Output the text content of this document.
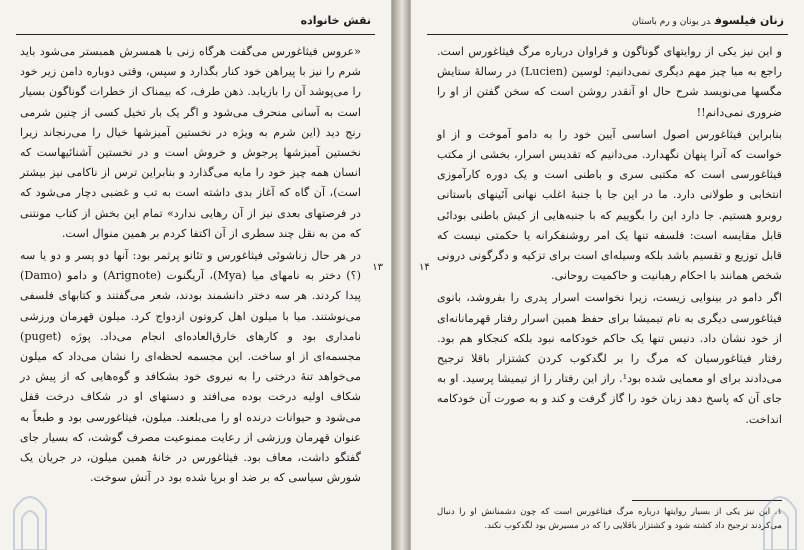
نقش خانواده

«عروس فیثاغورس می‌گفت هرگاه زنی با همسرش همبستر می‌شود باید شرم را نیز با پیراهن خود کنار بگذارد و سپس، وقتی دوباره دامن زیر خود را می‌پوشد آن را بازیابد. ذهن طرف، که بیمناک از خطرات گوناگون بسیار است به آسانی منحرف می‌شود و اگر یک بار تخیل کسی از چنین شرمی رنج دید (این شرم به ویژه در نخستین آمیزشها خیال را می‌رنجاند زیرا نخستین آمیزشها پرجوش و خروش است و در نخستین آشنائیهاست که انسان همه چیز خود را مایه می‌گذارد و بنابراین ترس از ناکامی نیز بیشتر است)، آن گاه که آغاز بدی داشته است به تب و غضبی دچار می‌شود که در فرصتهای بعدی نیز از آن رهایی ندارد» تمام این بخش از کتاب مونتنی که من به نقل چند سطری از آن اکتفا کردم بر همین منوال است.

در هر حال زناشوئی فیثاغورس و تئانو پرثمر بود: آنها دو پسر و دو یا سه (؟) دختر به نامهای میا (Mya)، آریگنوت (Arignote) و دامو (Damo) پیدا کردند. هر سه دختر دانشمند بودند، شعر می‌گفتند و کتابهای فلسفی می‌نوشتند. میا با میلون اهل کروتون ازدواج کرد. میلون قهرمان ورزشی نامداری بود و کارهای خارق‌العاده‌ای انجام می‌داد. پوژه (puget) مجسمه‌ای از او ساخت. این مجسمه لحظه‌ای را نشان می‌داد که میلون می‌خواهد تنهٔ درختی را به نیروی خود بشکافد و گوه‌هایی که از پیش در شکاف اولیه درخت بوده می‌افتد و دستهای او در شکاف درخت قفل می‌شود و حیوانات درنده او را می‌بلعند. میلون، فیثاغورسی بود و طبعاً به عنوان قهرمان ورزشی از رعایت ممنوعیت مصرف گوشت، که بسیار جای گفتگو داشت، معاف بود. فیثاغورس در خانهٔ همین میلون، در جریان یک شورش سیاسی که بر ضد او برپا شده بود در آتش سوخت.

۱۳
زنان فیلسوفدر یونان و رم باستان

و این نیز یکی از روایتهای گوناگون و فراوان درباره مرگ فیثاغورس است. راجع به میا چیز مهم دیگری نمی‌دانیم: لوسین (Lucien) در رسالهٔ ستایش مگسها می‌نویسد شرح حال او آنقدر روشن است که سخن گفتن از او را ضروری نمی‌دانم!!

بنابراین فیثاغورس اصول اساسی آیین خود را به دامو آموخت و از او خواست که آنرا پنهان نگهدارد. می‌دانیم که تقدیس اسرار، بخشی از مکتب فیثاغورسی است که مکتبی سری و باطنی است و یک دوره کارآموزی انتخابی و طولانی دارد. ما در این جا با جنبهٔ اغلب نهانی آئینهای باستانی روبرو هستیم. جا دارد این را بگوییم که با جنبه‌هایی از کیش باطنی بودائی قابل مقایسه است: فلسفه تنها یک امر روشنفکرانه یا حکمتی نیست که قابل توزیع و تقسیم باشد بلکه وسیله‌ای است برای تزکیه و دگرگونی درونی شخص همانند با احکام رهبانیت و حاکمیت روحانی.

اگر دامو در بینوایی زیست، زیرا نخواست اسرار پدری را بفروشد، بانوی فیثاغورسی دیگری به نام تیمیشا برای حفظ همین اسرار رفتار قهرمانانه‌ای از خود نشان داد. دنیس تنها یک حاکم خودکامه نبود بلکه کنجکاو هم بود. رفتار فیثاغورسیان که مرگ را بر لگدکوب کردن کشتزار باقلا ترجیح می‌دادند برای او معمایی شده بود¹. راز این رفتار را از تیمیشا پرسید. او به جای آن که پاسخ دهد زبان خود را گاز گرفت و کند و به صورت آن خودکامه انداخت.

۱۴
۱. این نیز یکی از بسیار روایتها درباره مرگ فیثاغورس است که چون دشمنانش او را دنبال می‌کردند ترجیح داد کشته شود و کشتزار باقلایی را که در مسیرش بود لگدکوب نکند.
